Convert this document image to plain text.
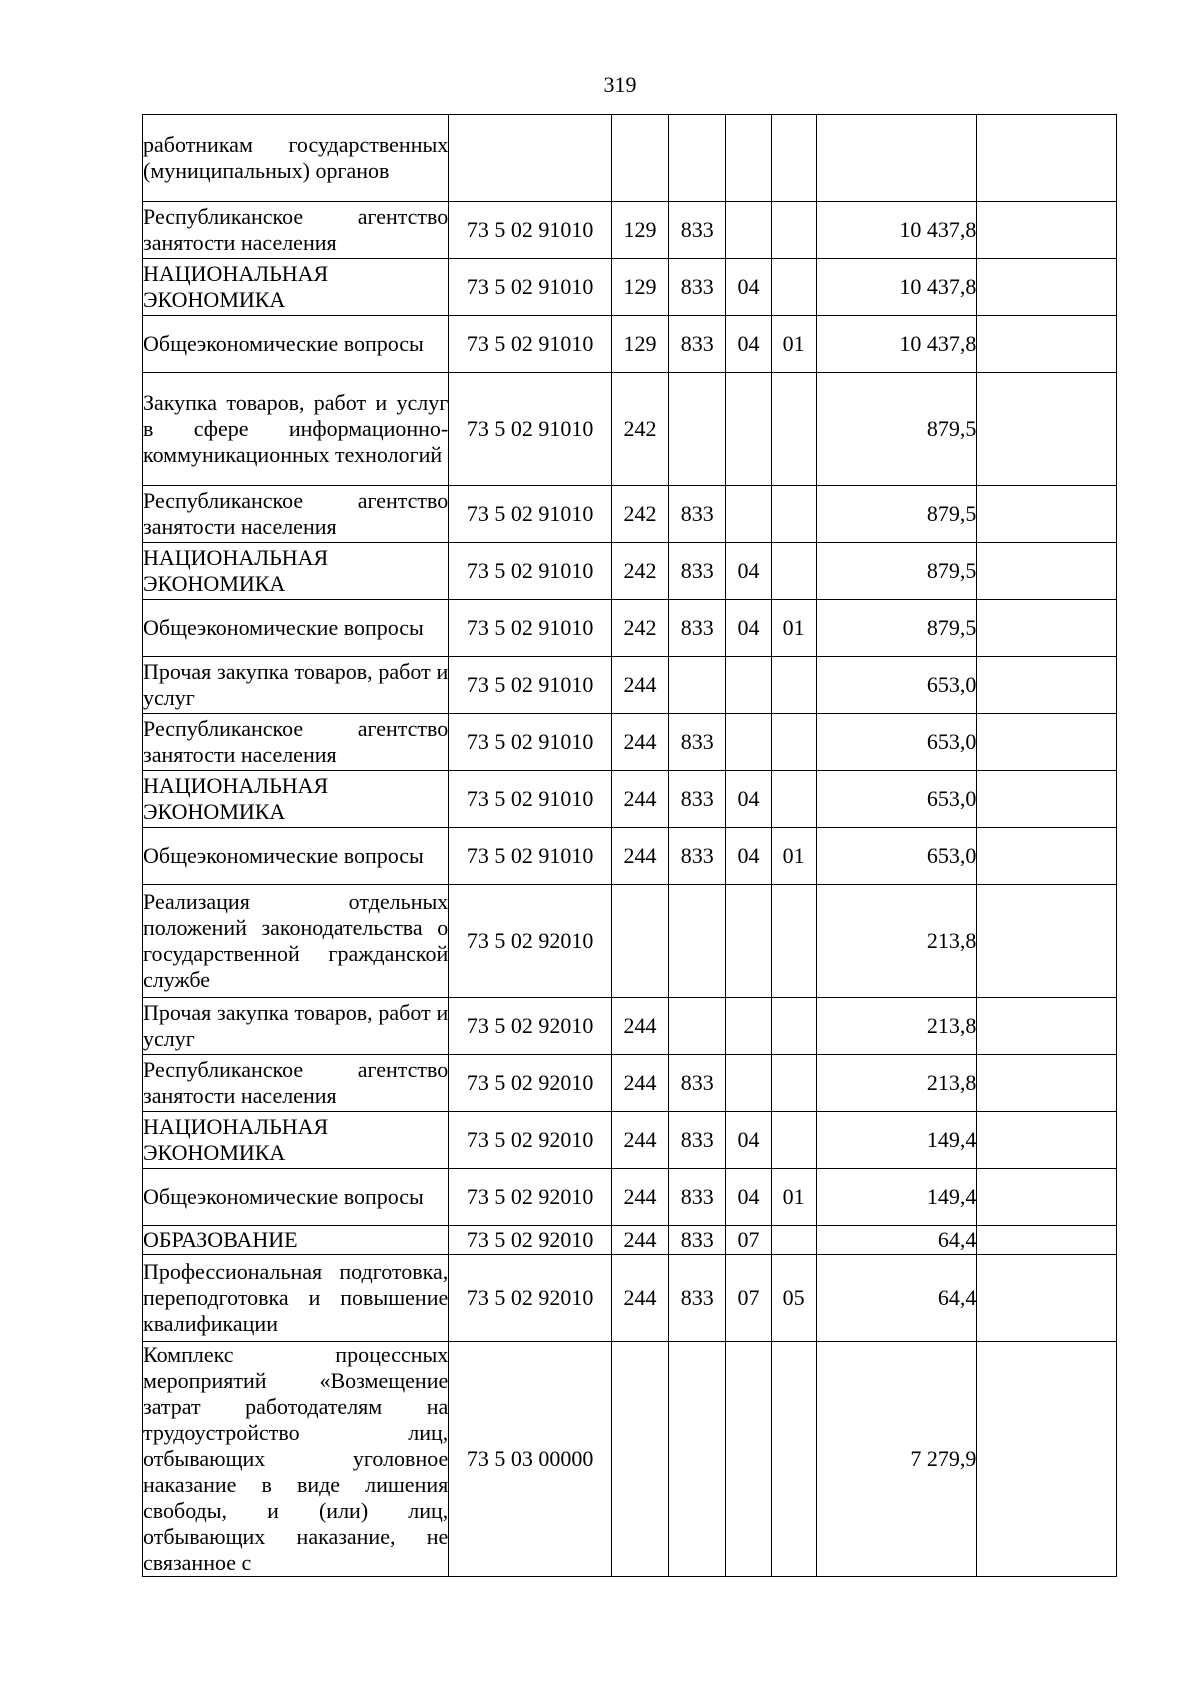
319
работникам государственных (муниципальных) органов							
Республиканское агентство занятости населения	73 5 02 91010	129	833			10 437,8	
НАЦИОНАЛЬНАЯ ЭКОНОМИКА	73 5 02 91010	129	833	04		10 437,8	
Общеэкономические вопросы	73 5 02 91010	129	833	04	01	10 437,8	
Закупка товаров, работ и услуг в сфере информационно-коммуникационных технологий	73 5 02 91010	242				879,5	
Республиканское агентство занятости населения	73 5 02 91010	242	833			879,5	
НАЦИОНАЛЬНАЯ ЭКОНОМИКА	73 5 02 91010	242	833	04		879,5	
Общеэкономические вопросы	73 5 02 91010	242	833	04	01	879,5	
Прочая закупка товаров, работ и услуг	73 5 02 91010	244				653,0	
Республиканское агентство занятости населения	73 5 02 91010	244	833			653,0	
НАЦИОНАЛЬНАЯ ЭКОНОМИКА	73 5 02 91010	244	833	04		653,0	
Общеэкономические вопросы	73 5 02 91010	244	833	04	01	653,0	
Реализация отдельных положений законодательства о государственной гражданской службе	73 5 02 92010					213,8	
Прочая закупка товаров, работ и услуг	73 5 02 92010	244				213,8	
Республиканское агентство занятости населения	73 5 02 92010	244	833			213,8	
НАЦИОНАЛЬНАЯ ЭКОНОМИКА	73 5 02 92010	244	833	04		149,4	
Общеэкономические вопросы	73 5 02 92010	244	833	04	01	149,4	
ОБРАЗОВАНИЕ	73 5 02 92010	244	833	07		64,4	
Профессиональная подготовка, переподготовка и повышение квалификации	73 5 02 92010	244	833	07	05	64,4	
Комплекс процессных мероприятий «Возмещение затрат работодателям на трудоустройство лиц, отбывающих уголовное наказание в виде лишения свободы, и (или) лиц, отбывающих наказание, не связанное с	73 5 03 00000					7 279,9	
